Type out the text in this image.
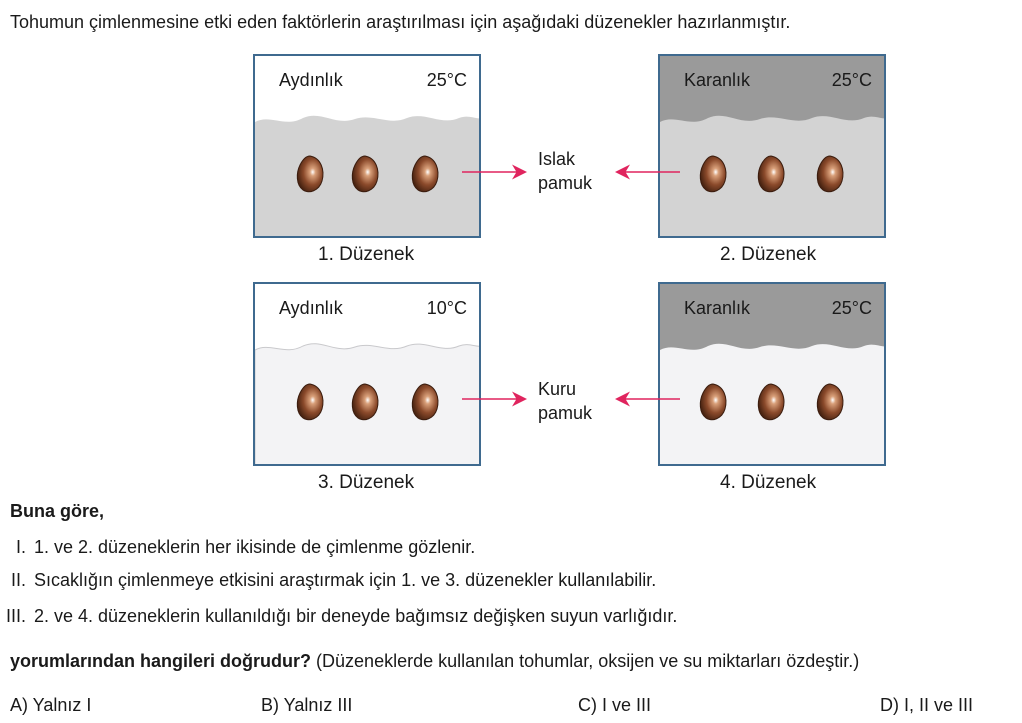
Tohumun çimlenmesine etki eden faktörlerin araştırılması için aşağıdaki düzenekler hazırlanmıştır.
Aydınlık	25°C
1. Düzenek
Karanlık	25°C
2. Düzenek
Aydınlık	10°C
3. Düzenek
Karanlık	25°C
4. Düzenek
Islak
pamuk
Kuru
pamuk
Buna göre,
I. 1. ve 2. düzeneklerin her ikisinde de çimlenme gözlenir.
II. Sıcaklığın çimlenmeye etkisini araştırmak için 1. ve 3. düzenekler kullanılabilir.
III. 2. ve 4. düzeneklerin kullanıldığı bir deneyde bağımsız değişken suyun varlığıdır.
yorumlarından hangileri doğrudur? (Düzeneklerde kullanılan tohumlar, oksijen ve su miktarları özdeştir.)
A) Yalnız I	B) Yalnız III	C) I ve III	D) I, II ve III
